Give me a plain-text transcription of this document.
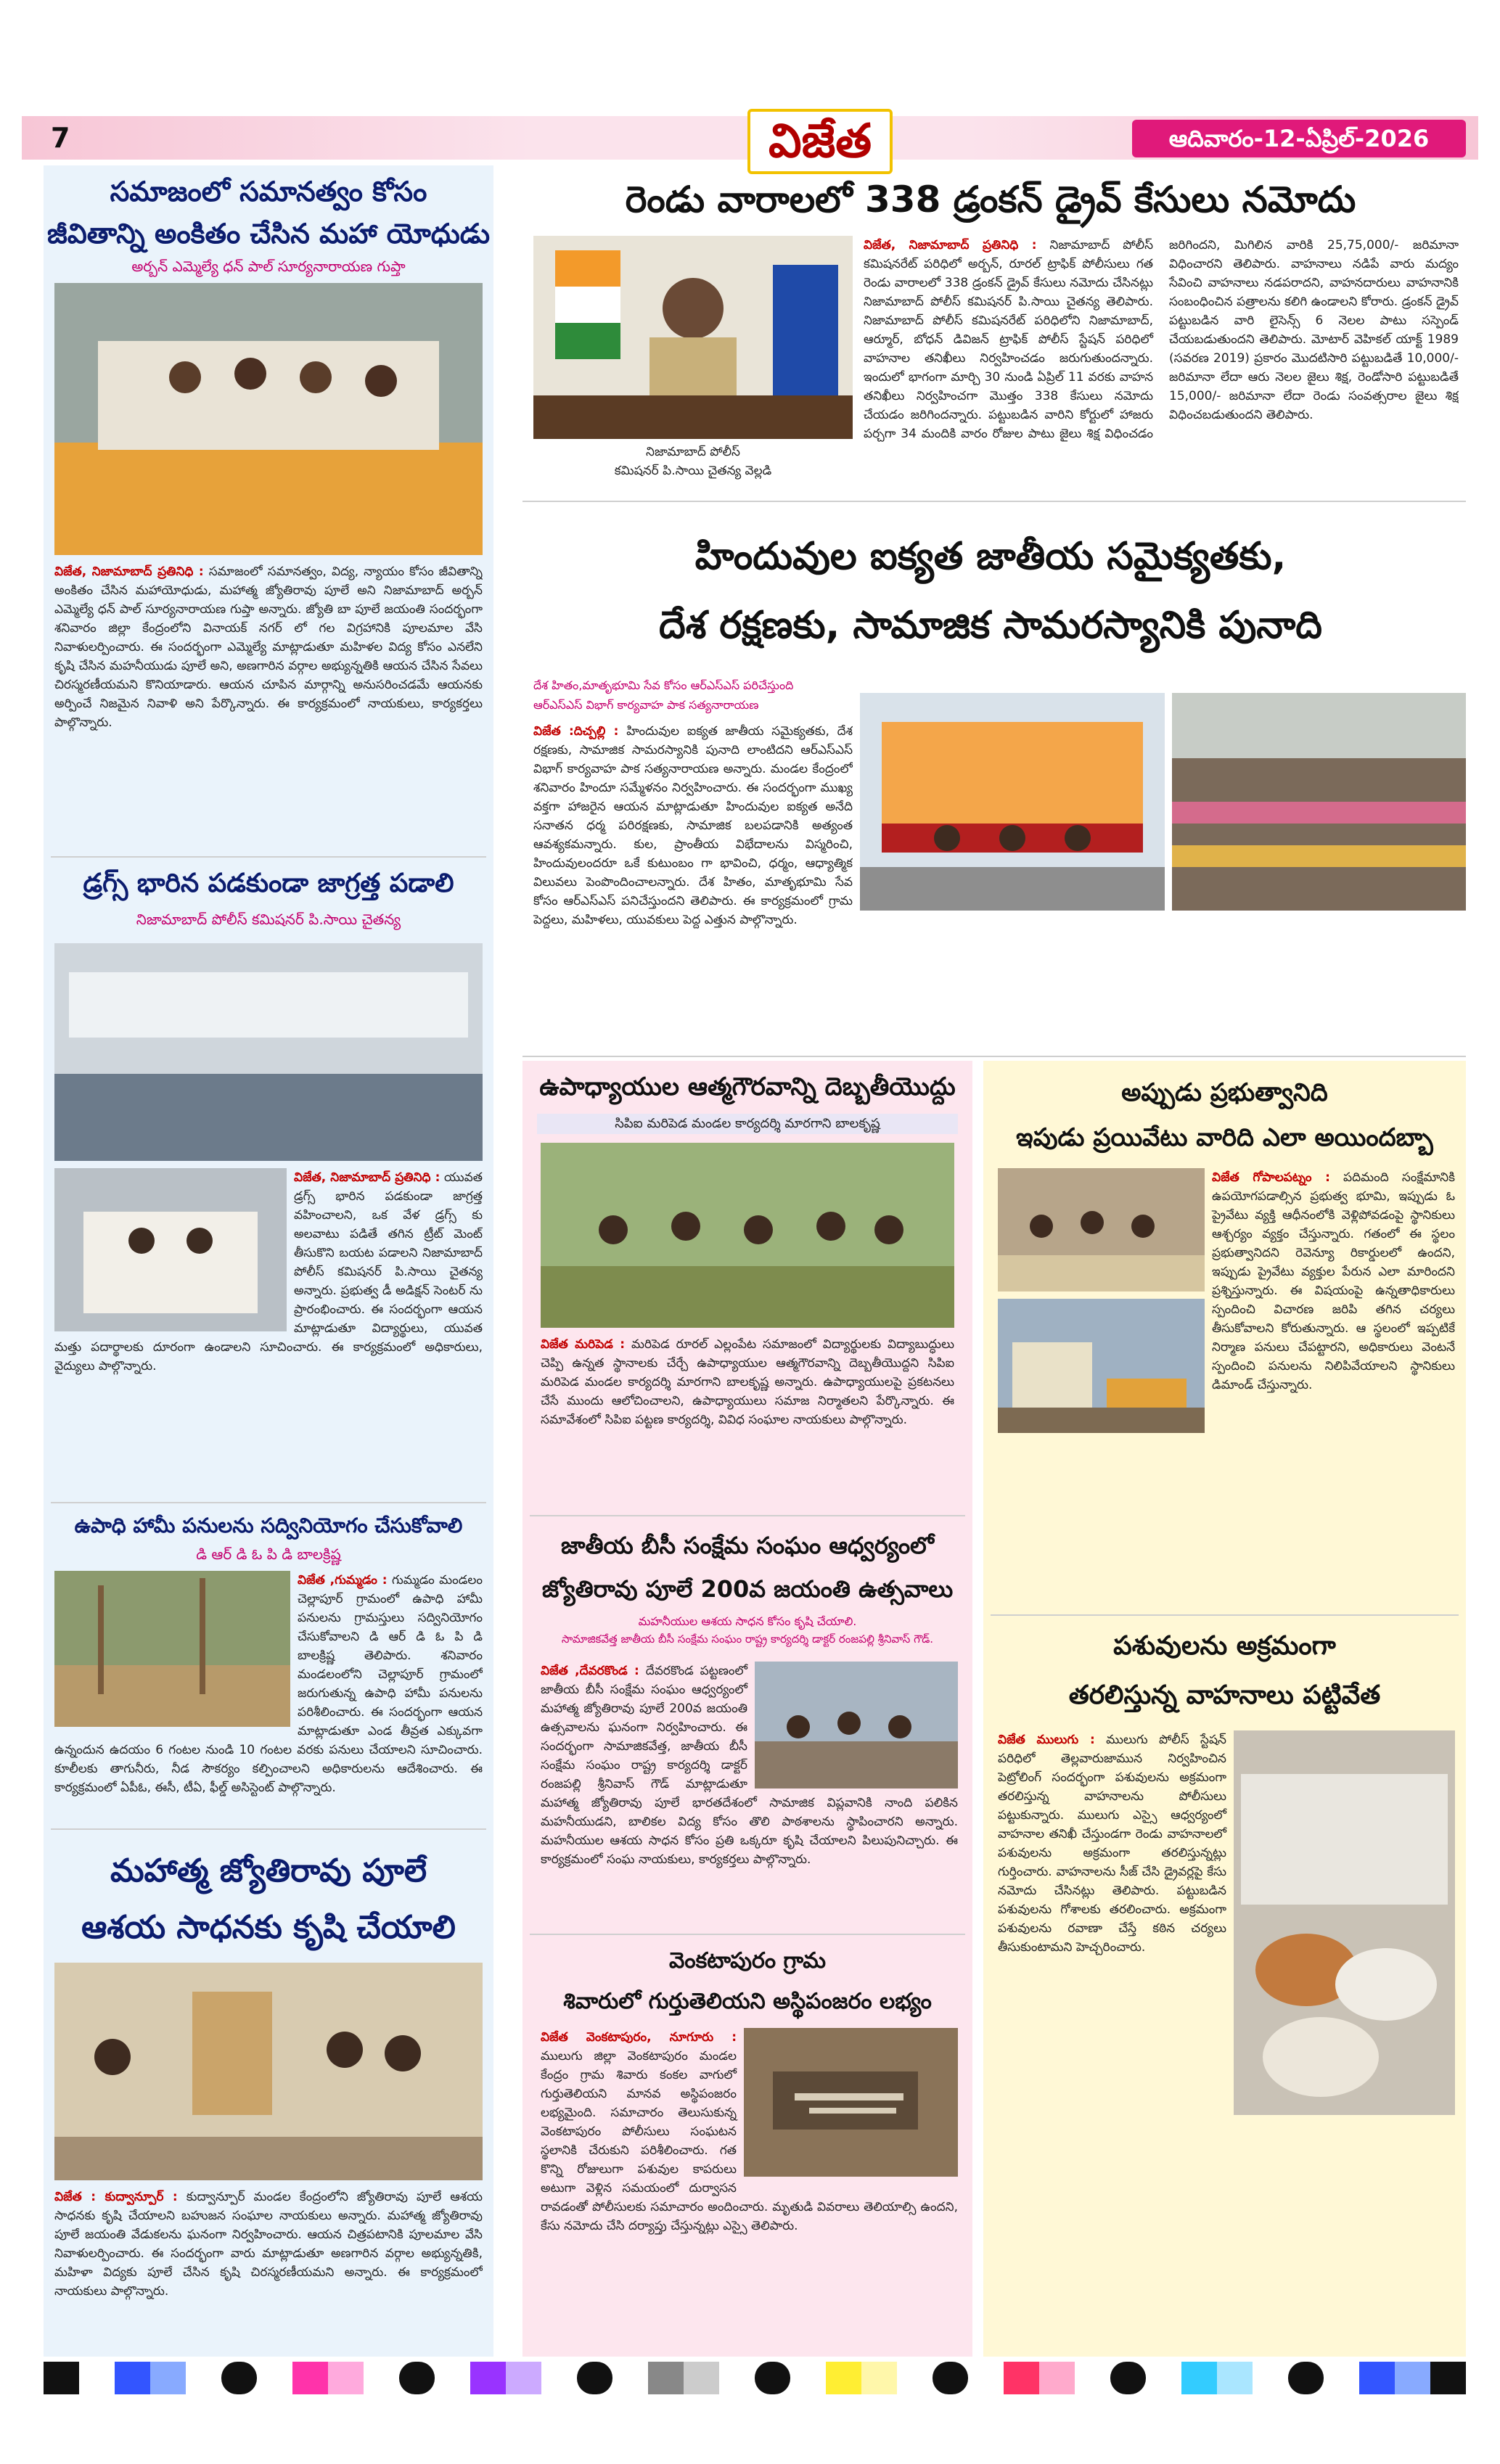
7	విజేత	ఆదివారం-12-ఏప్రిల్-2026
సమాజంలో సమానత్వం కోసం
జీవితాన్ని అంకితం చేసిన మహా యోధుడు
అర్బన్ ఎమ్మెల్యే ధన్ పాల్ సూర్యనారాయణ గుప్తా
విజేత, నిజామాబాద్ ప్రతినిధి : సమాజంలో సమానత్వం, విద్య, న్యాయం కోసం జీవితాన్ని అంకితం చేసిన మహాయోధుడు, మహాత్మ జ్యోతిరావు పూలే అని నిజామాబాద్ అర్బన్ ఎమ్మెల్యే ధన్ పాల్ సూర్యనారాయణ గుప్తా అన్నారు. జ్యోతి బా పూలే జయంతి సందర్భంగా శనివారం జిల్లా కేంద్రంలోని వినాయక్ నగర్ లో గల విగ్రహానికి పూలమాల వేసి నివాళులర్పించారు. ఈ సందర్భంగా ఎమ్మెల్యే మాట్లాడుతూ మహిళల విద్య కోసం ఎనలేని కృషి చేసిన మహనీయుడు పూలే అని, అణగారిన వర్గాల అభ్యున్నతికి ఆయన చేసిన సేవలు చిరస్మరణీయమని కొనియాడారు. ఆయన చూపిన మార్గాన్ని అనుసరించడమే ఆయనకు అర్పించే నిజమైన నివాళి అని పేర్కొన్నారు. ఈ కార్యక్రమంలో నాయకులు, కార్యకర్తలు పాల్గొన్నారు.
డ్రగ్స్ భారిన పడకుండా జాగ్రత్త పడాలి
నిజామాబాద్ పోలీస్ కమిషనర్ పి.సాయి చైతన్య
విజేత, నిజామాబాద్ ప్రతినిధి : యువత డ్రగ్స్ భారిన పడకుండా జాగ్రత్త వహించాలని, ఒక వేళ డ్రగ్స్ కు అలవాటు పడితే తగిన ట్రీట్ మెంట్ తీసుకొని బయట పడాలని నిజామాబాద్ పోలీస్ కమిషనర్ పి.సాయి చైతన్య అన్నారు. ప్రభుత్వ డీ అడిక్షన్ సెంటర్ ను ప్రారంభించారు. ఈ సందర్భంగా ఆయన మాట్లాడుతూ విద్యార్థులు, యువత మత్తు పదార్థాలకు దూరంగా ఉండాలని సూచించారు. ఈ కార్యక్రమంలో అధికారులు, వైద్యులు పాల్గొన్నారు.
ఉపాధి హామీ పనులను సద్వినియోగం చేసుకోవాలి
డి ఆర్ డి ఓ పి డి బాలక్రిష్ణ
విజేత ,గుమ్మడం : గుమ్మడం మండలం చెల్లాపూర్ గ్రామంలో ఉపాధి హామీ పనులను గ్రామస్తులు సద్వినియోగం చేసుకోవాలని డి ఆర్ డి ఓ పి డి బాలక్రిష్ణ తెలిపారు. శనివారం మండలంలోని చెల్లాపూర్ గ్రామంలో జరుగుతున్న ఉపాధి హామీ పనులను పరిశీలించారు. ఈ సందర్భంగా ఆయన మాట్లాడుతూ ఎండ తీవ్రత ఎక్కువగా ఉన్నందున ఉదయం 6 గంటల నుండి 10 గంటల వరకు పనులు చేయాలని సూచించారు. కూలీలకు తాగునీరు, నీడ సౌకర్యం కల్పించాలని అధికారులను ఆదేశించారు. ఈ కార్యక్రమంలో ఏపీఓ, ఈసీ, టీఏ, ఫీల్డ్ అసిస్టెంట్ పాల్గొన్నారు.
మహాత్మ జ్యోతిరావు పూలే
ఆశయ సాధనకు కృషి చేయాలి
విజేత : కుద్వాన్పూర్ : కుద్వాన్పూర్ మండల కేంద్రంలోని జ్యోతిరావు పూలే ఆశయ సాధనకు కృషి చేయాలని బహుజన సంఘాల నాయకులు అన్నారు. మహాత్మ జ్యోతిరావు పూలే జయంతి వేడుకలను ఘనంగా నిర్వహించారు. ఆయన చిత్రపటానికి పూలమాల వేసి నివాళులర్పించారు. ఈ సందర్భంగా వారు మాట్లాడుతూ అణగారిన వర్గాల అభ్యున్నతికి, మహిళా విద్యకు పూలే చేసిన కృషి చిరస్మరణీయమని అన్నారు. ఈ కార్యక్రమంలో నాయకులు పాల్గొన్నారు.
రెండు వారాలలో 338 డ్రంకన్ డ్రైవ్ కేసులు నమోదు
నిజామాబాద్ పోలీస్
కమిషనర్ పి.సాయి చైతన్య వెల్లడి
విజేత, నిజామాబాద్ ప్రతినిధి : నిజామాబాద్ పోలీస్ కమిషనరేట్ పరిధిలో అర్బన్, రూరల్ ట్రాఫిక్ పోలీసులు గత రెండు వారాలలో 338 డ్రంకన్ డ్రైవ్ కేసులు నమోదు చేసినట్లు నిజామాబాద్ పోలీస్ కమిషనర్ పి.సాయి చైతన్య తెలిపారు. నిజామాబాద్ పోలీస్ కమిషనరేట్ పరిధిలోని నిజామాబాద్, ఆర్మూర్, బోధన్ డివిజన్ ట్రాఫిక్ పోలీస్ స్టేషన్ పరిధిలో వాహనాల తనిఖీలు నిర్వహించడం జరుగుతుందన్నారు. ఇందులో భాగంగా మార్చి 30 నుండి ఏప్రిల్ 11 వరకు వాహన తనిఖీలు నిర్వహించగా మొత్తం 338 కేసులు నమోదు చేయడం జరిగిందన్నారు. పట్టుబడిన వారిని కోర్టులో హాజరు పర్చగా 34 మందికి వారం రోజుల పాటు జైలు శిక్ష విధించడం జరిగిందని, మిగిలిన వారికి 25,75,000/- జరిమానా విధించారని తెలిపారు. వాహనాలు నడిపే వారు మద్యం సేవించి వాహనాలు నడపరాదని, వాహనదారులు వాహనానికి సంబంధించిన పత్రాలను కలిగి ఉండాలని కోరారు. డ్రంకన్ డ్రైవ్ పట్టుబడిన వారి లైసెన్స్ 6 నెలల పాటు సస్పెండ్ చేయబడుతుందని తెలిపారు. మోటార్ వెహికల్ యాక్ట్ 1989 (సవరణ 2019) ప్రకారం మొదటిసారి పట్టుబడితే 10,000/- జరిమానా లేదా ఆరు నెలల జైలు శిక్ష, రెండోసారి పట్టుబడితే 15,000/- జరిమానా లేదా రెండు సంవత్సరాల జైలు శిక్ష విధించబడుతుందని తెలిపారు.
హిందువుల ఐక్యత జాతీయ సమైక్యతకు,
దేశ రక్షణకు, సామాజిక సామరస్యానికి పునాది
దేశ హితం,మాతృభూమి సేవ కోసం ఆర్ఎస్ఎస్ పరిచేస్తుంది
ఆర్ఎస్ఎస్ విభాగ్ కార్యవాహ పాక సత్యనారాయణ
విజేత :దిచ్పల్లి : హిందువుల ఐక్యత జాతీయ సమైక్యతకు, దేశ రక్షణకు, సామాజిక సామరస్యానికి పునాది లాంటిదని ఆర్ఎస్ఎస్ విభాగ్ కార్యవాహ పాక సత్యనారాయణ అన్నారు. మండల కేంద్రంలో శనివారం హిందూ సమ్మేళనం నిర్వహించారు. ఈ సందర్భంగా ముఖ్య వక్తగా హాజరైన ఆయన మాట్లాడుతూ హిందువుల ఐక్యత అనేది సనాతన ధర్మ పరిరక్షణకు, సామాజిక బలపడానికి అత్యంత ఆవశ్యకమన్నారు. కుల, ప్రాంతీయ విభేదాలను విస్మరించి, హిందువులందరూ ఒకే కుటుంబం గా భావించి, ధర్మం, ఆధ్యాత్మిక విలువలు పెంపొందించాలన్నారు. దేశ హితం, మాతృభూమి సేవ కోసం ఆర్ఎస్ఎస్ పనిచేస్తుందని తెలిపారు. ఈ కార్యక్రమంలో గ్రామ పెద్దలు, మహిళలు, యువకులు పెద్ద ఎత్తున పాల్గొన్నారు.
ఉపాధ్యాయుల ఆత్మగౌరవాన్ని దెబ్బతీయొద్దు
సిపిఐ మరిపెడ మండల కార్యదర్శి మారగాని బాలకృష్ణ
విజేత మరిపెడ : మరిపెడ రూరల్ ఎల్లంపేట సమాజంలో విద్యార్థులకు విద్యాబుద్ధులు చెప్పి ఉన్నత స్థానాలకు చేర్చే ఉపాధ్యాయుల ఆత్మగౌరవాన్ని దెబ్బతీయొద్దని సిపిఐ మరిపెడ మండల కార్యదర్శి మారగాని బాలకృష్ణ అన్నారు. ఉపాధ్యాయులపై ప్రకటనలు చేసే ముందు ఆలోచించాలని, ఉపాధ్యాయులు సమాజ నిర్మాతలని పేర్కొన్నారు. ఈ సమావేశంలో సిపిఐ పట్టణ కార్యదర్శి, వివిధ సంఘాల నాయకులు పాల్గొన్నారు.
జాతీయ బీసీ సంక్షేమ సంఘం ఆధ్వర్యంలో
జ్యోతిరావు పూలే 200వ జయంతి ఉత్సవాలు
మహనీయుల ఆశయ సాధన కోసం కృషి చేయాలి.
సామాజికవేత్త జాతీయ బీసీ సంక్షేమ సంఘం రాష్ట్ర కార్యదర్శి డాక్టర్ రంజపల్లి శ్రీనివాస్ గౌడ్.
విజేత ,దేవరకొండ : దేవరకొండ పట్టణంలో జాతీయ బీసీ సంక్షేమ సంఘం ఆధ్వర్యంలో మహాత్మ జ్యోతిరావు పూలే 200వ జయంతి ఉత్సవాలను ఘనంగా నిర్వహించారు. ఈ సందర్భంగా సామాజికవేత్త, జాతీయ బీసీ సంక్షేమ సంఘం రాష్ట్ర కార్యదర్శి డాక్టర్ రంజపల్లి శ్రీనివాస్ గౌడ్ మాట్లాడుతూ మహాత్మ జ్యోతిరావు పూలే భారతదేశంలో సామాజిక విప్లవానికి నాంది పలికిన మహనీయుడని, బాలికల విద్య కోసం తొలి పాఠశాలను స్థాపించారని అన్నారు. మహనీయుల ఆశయ సాధన కోసం ప్రతి ఒక్కరూ కృషి చేయాలని పిలుపునిచ్చారు. ఈ కార్యక్రమంలో సంఘ నాయకులు, కార్యకర్తలు పాల్గొన్నారు.
వెంకటాపురం గ్రామ
శివారులో గుర్తుతెలియని అస్థిపంజరం లభ్యం
విజేత వెంకటాపురం, నూగూరు : ములుగు జిల్లా వెంకటాపురం మండల కేంద్రం గ్రామ శివారు కంకల వాగులో గుర్తుతెలియని మానవ అస్థిపంజరం లభ్యమైంది. సమాచారం తెలుసుకున్న వెంకటాపురం పోలీసులు సంఘటన స్థలానికి చేరుకుని పరిశీలించారు. గత కొన్ని రోజులుగా పశువుల కాపరులు అటుగా వెళ్లిన సమయంలో దుర్వాసన రావడంతో పోలీసులకు సమాచారం అందించారు. మృతుడి వివరాలు తెలియాల్సి ఉందని, కేసు నమోదు చేసి దర్యాప్తు చేస్తున్నట్లు ఎస్సై తెలిపారు.
అప్పుడు ప్రభుత్వానిది
ఇపుడు ప్రయివేటు వారిది ఎలా అయిందబ్బా
విజేత గోపాలపట్నం : పదిమంది సంక్షేమానికి ఉపయోగపడాల్సిన ప్రభుత్వ భూమి, ఇప్పుడు ఓ ప్రైవేటు వ్యక్తి ఆధీనంలోకి వెళ్లిపోవడంపై స్థానికులు ఆశ్చర్యం వ్యక్తం చేస్తున్నారు. గతంలో ఈ స్థలం ప్రభుత్వానిదని రెవెన్యూ రికార్డులలో ఉందని, ఇప్పుడు ప్రైవేటు వ్యక్తుల పేరున ఎలా మారిందని ప్రశ్నిస్తున్నారు. ఈ విషయంపై ఉన్నతాధికారులు స్పందించి విచారణ జరిపి తగిన చర్యలు తీసుకోవాలని కోరుతున్నారు. ఆ స్థలంలో ఇప్పటికే నిర్మాణ పనులు చేపట్టారని, అధికారులు వెంటనే స్పందించి పనులను నిలిపివేయాలని స్థానికులు డిమాండ్ చేస్తున్నారు.
పశువులను అక్రమంగా
తరలిస్తున్న వాహనాలు పట్టివేత
విజేత ములుగు : ములుగు పోలీస్ స్టేషన్ పరిధిలో తెల్లవారుజామున నిర్వహించిన పెట్రోలింగ్ సందర్భంగా పశువులను అక్రమంగా తరలిస్తున్న వాహనాలను పోలీసులు పట్టుకున్నారు. ములుగు ఎస్సై ఆధ్వర్యంలో వాహనాల తనిఖీ చేస్తుండగా రెండు వాహనాలలో పశువులను అక్రమంగా తరలిస్తున్నట్లు గుర్తించారు. వాహనాలను సీజ్ చేసి డ్రైవర్లపై కేసు నమోదు చేసినట్లు తెలిపారు. పట్టుబడిన పశువులను గోశాలకు తరలించారు. అక్రమంగా పశువులను రవాణా చేస్తే కఠిన చర్యలు తీసుకుంటామని హెచ్చరించారు.
